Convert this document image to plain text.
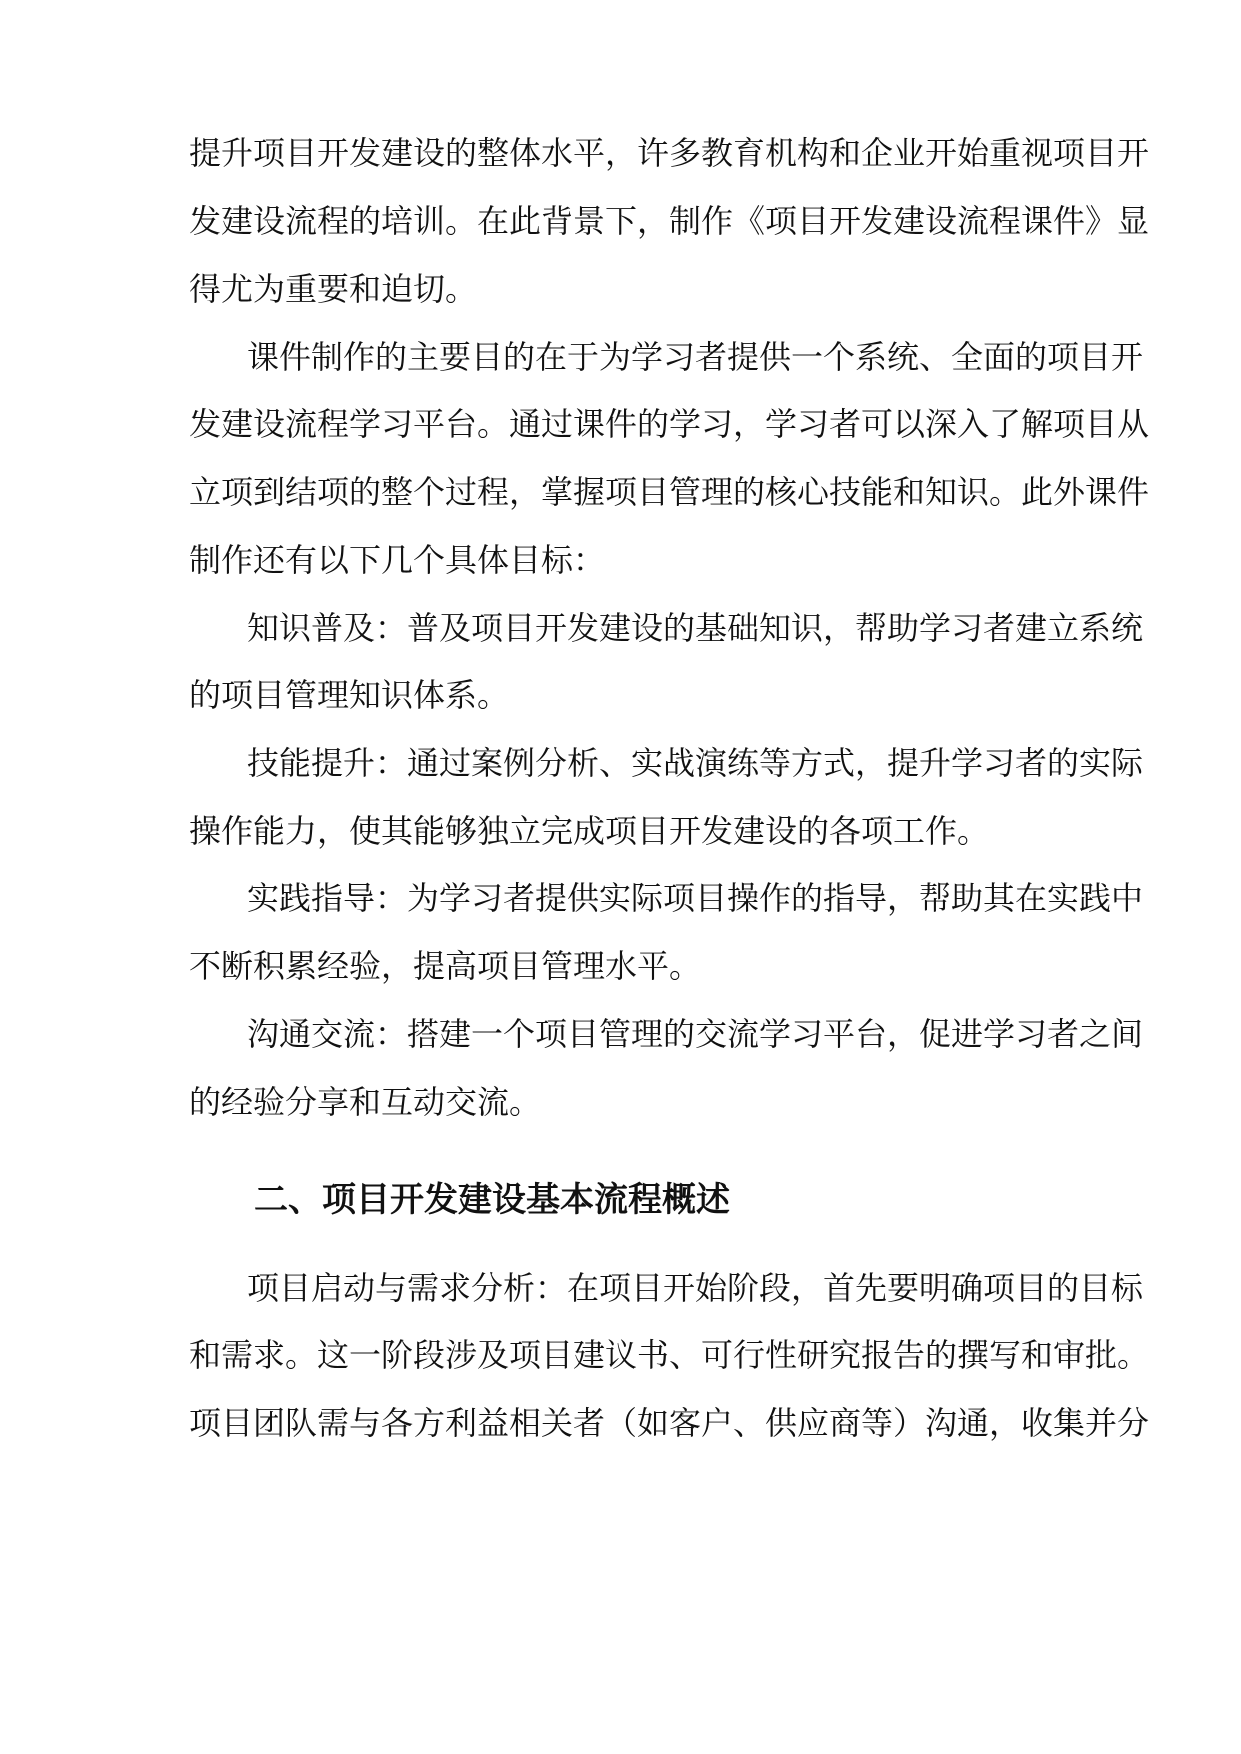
提升项目开发建设的整体水平，许多教育机构和企业开始重视项目开

发建设流程的培训。在此背景下，制作《项目开发建设流程课件》显

得尤为重要和迫切。

课件制作的主要目的在于为学习者提供一个系统、全面的项目开

发建设流程学习平台。通过课件的学习，学习者可以深入了解项目从

立项到结项的整个过程，掌握项目管理的核心技能和知识。此外课件

制作还有以下几个具体目标：

知识普及：普及项目开发建设的基础知识，帮助学习者建立系统

的项目管理知识体系。

技能提升：通过案例分析、实战演练等方式，提升学习者的实际

操作能力，使其能够独立完成项目开发建设的各项工作。

实践指导：为学习者提供实际项目操作的指导，帮助其在实践中

不断积累经验，提高项目管理水平。

沟通交流：搭建一个项目管理的交流学习平台，促进学习者之间

的经验分享和互动交流。

二、项目开发建设基本流程概述

项目启动与需求分析：在项目开始阶段，首先要明确项目的目标

和需求。这一阶段涉及项目建议书、可行性研究报告的撰写和审批。

项目团队需与各方利益相关者（如客户、供应商等）沟通，收集并分
